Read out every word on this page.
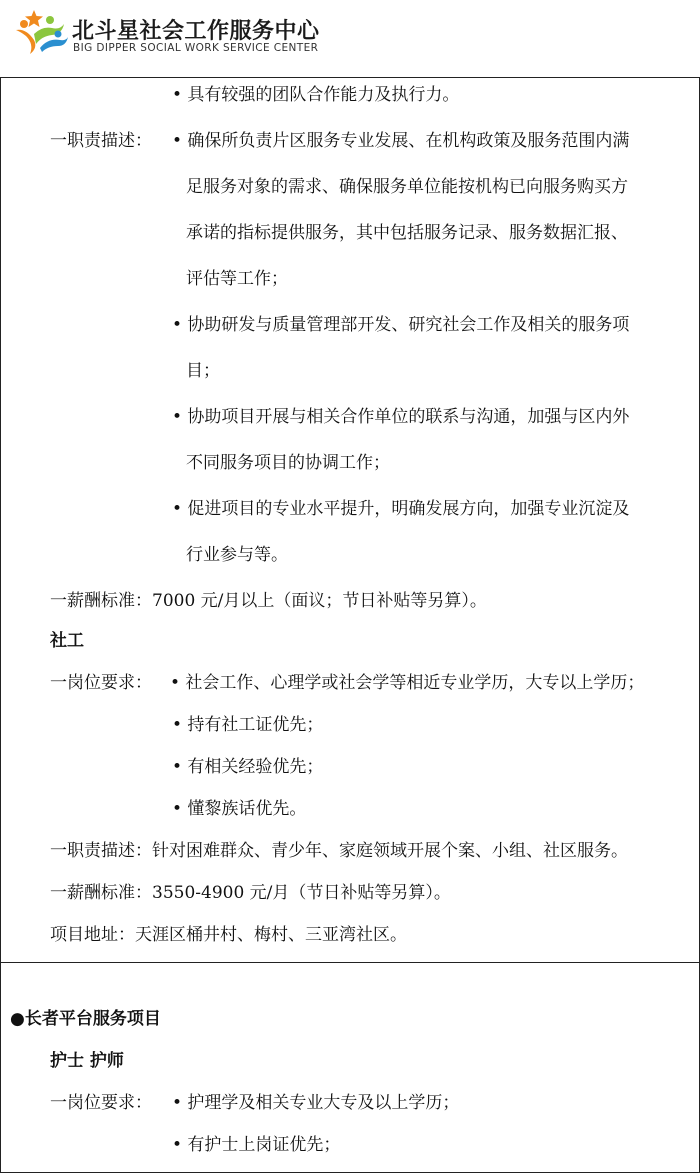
北斗星社会工作服务中心
BIG DIPPER SOCIAL WORK SERVICE CENTER
• 具有较强的团队合作能力及执行力。
一职责描述： • 确保所负责片区服务专业发展、在机构政策及服务范围内满
足服务对象的需求、确保服务单位能按机构已向服务购买方
承诺的指标提供服务，其中包括服务记录、服务数据汇报、
评估等工作；
• 协助研发与质量管理部开发、研究社会工作及相关的服务项
目；
• 协助项目开展与相关合作单位的联系与沟通，加强与区内外
不同服务项目的协调工作；
• 促进项目的专业水平提升，明确发展方向，加强专业沉淀及
行业参与等。
一薪酬标准：7000 元/月以上（面议；节日补贴等另算）。
社工
一岗位要求： • 社会工作、心理学或社会学等相近专业学历，大专以上学历；
• 持有社工证优先；
• 有相关经验优先；
• 懂黎族话优先。
一职责描述：针对困难群众、青少年、家庭领域开展个案、小组、社区服务。
一薪酬标准：3550-4900 元/月（节日补贴等另算）。
项目地址：天涯区桶井村、梅村、三亚湾社区。
●长者平台服务项目
护士 护师
一岗位要求： • 护理学及相关专业大专及以上学历；
• 有护士上岗证优先；
